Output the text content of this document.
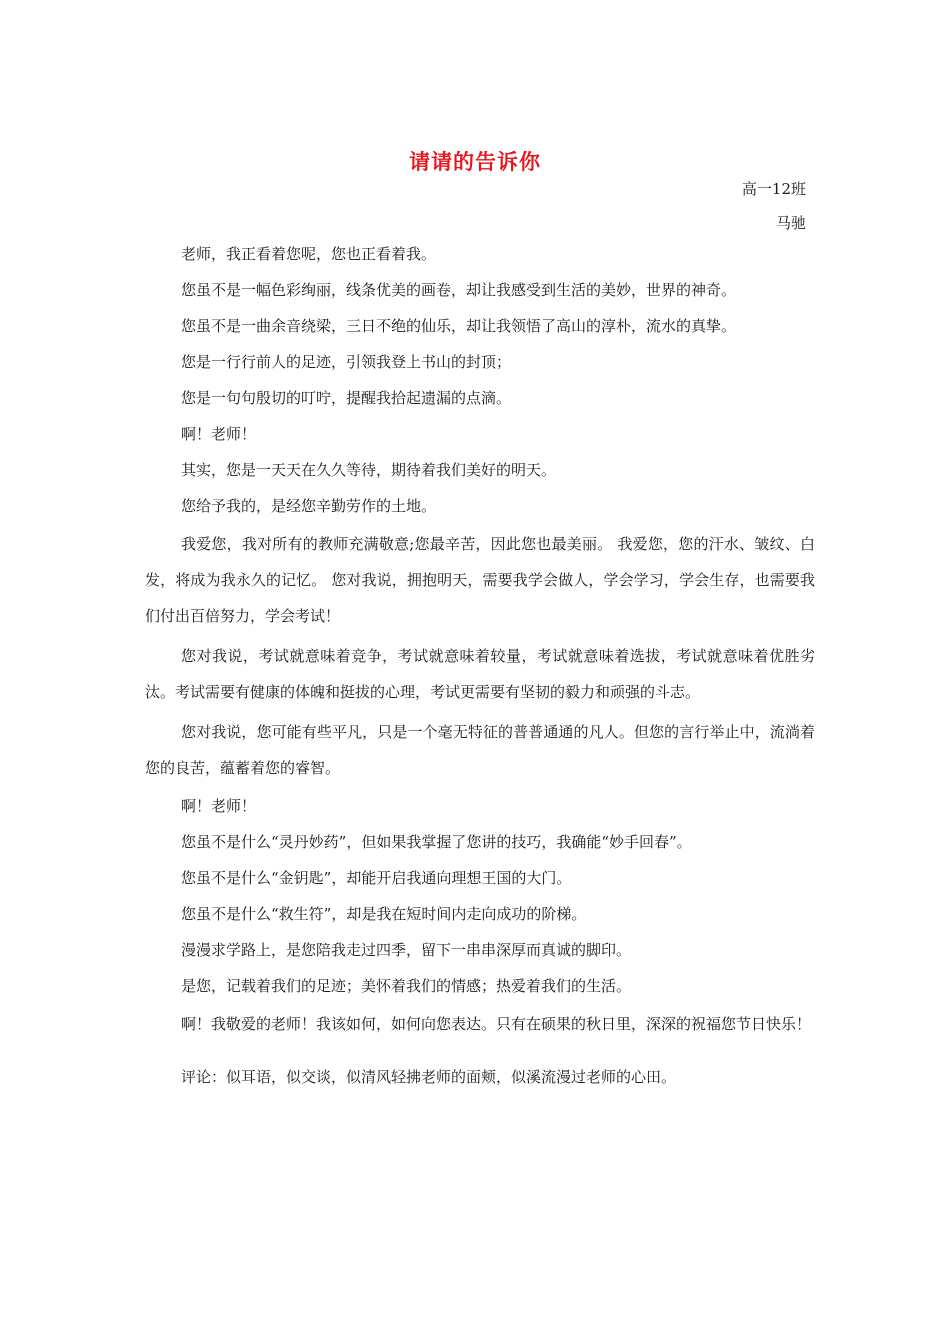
请请的告诉你
高一12班
马驰

老师，我正看着您呢，您也正看着我。

您虽不是一幅色彩绚丽，线条优美的画卷，却让我感受到生活的美妙，世界的神奇。

您虽不是一曲余音绕梁，三日不绝的仙乐，却让我领悟了高山的淳朴，流水的真挚。

您是一行行前人的足迹，引领我登上书山的封顶；

您是一句句殷切的叮咛，提醒我拾起遗漏的点滴。

啊！老师！

其实，您是一天天在久久等待，期待着我们美好的明天。

您给予我的，是经您辛勤劳作的土地。

我爱您，我对所有的教师充满敬意;您最辛苦，因此您也最美丽。 我爱您，您的汗水、皱纹、白发，将成为我永久的记忆。 您对我说，拥抱明天，需要我学会做人，学会学习，学会生存，也需要我们付出百倍努力，学会考试！

您对我说，考试就意味着竞争，考试就意味着较量，考试就意味着选拔，考试就意味着优胜劣汰。考试需要有健康的体魄和挺拔的心理，考试更需要有坚韧的毅力和顽强的斗志。

您对我说，您可能有些平凡，只是一个毫无特征的普普通通的凡人。但您的言行举止中，流淌着您的良苦，蕴蓄着您的睿智。

啊！老师！

您虽不是什么“灵丹妙药”，但如果我掌握了您讲的技巧，我确能“妙手回春”。

您虽不是什么“金钥匙”，却能开启我通向理想王国的大门。

您虽不是什么“救生符”，却是我在短时间内走向成功的阶梯。

漫漫求学路上，是您陪我走过四季，留下一串串深厚而真诚的脚印。

是您，记载着我们的足迹；美怀着我们的情感；热爱着我们的生活。

啊！我敬爱的老师！我该如何，如何向您表达。只有在硕果的秋日里，深深的祝福您节日快乐！

评论：似耳语，似交谈，似清风轻拂老师的面颊，似溪流漫过老师的心田。
